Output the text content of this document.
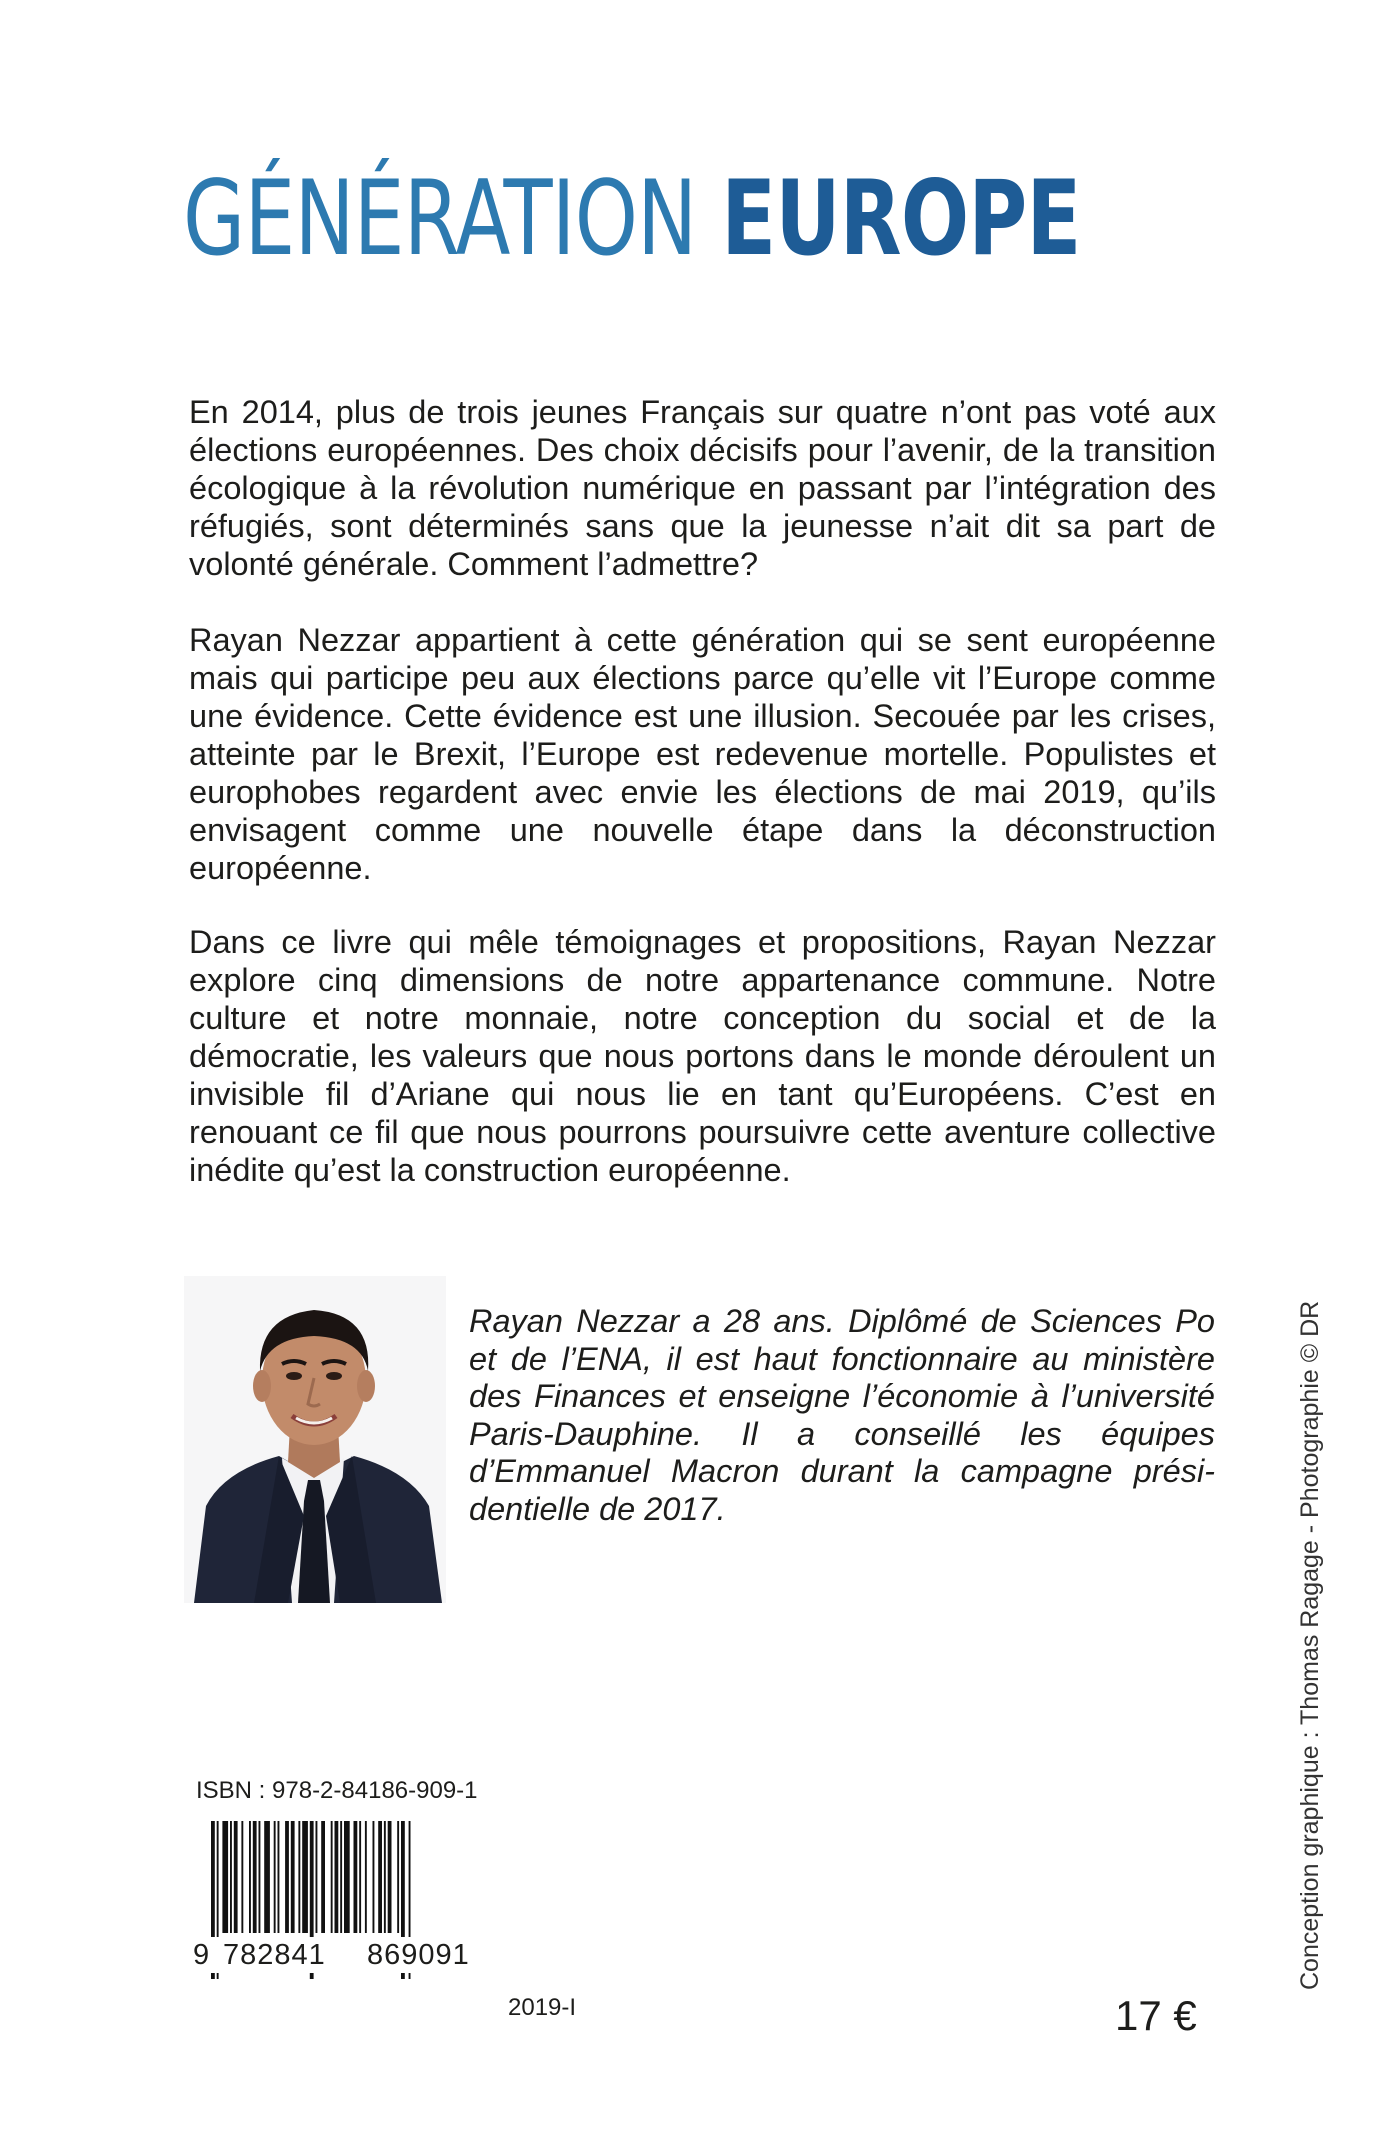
GÉNÉRATION EUROPE

En 2014, plus de trois jeunes Français sur quatre n’ont pas voté aux élections européennes. Des choix décisifs pour l’avenir, de la transition écologique à la révolution numérique en passant par l’intégration des réfugiés, sont déterminés sans que la jeunesse n’ait dit sa part de volonté générale. Comment l’admettre?

Rayan Nezzar appartient à cette génération qui se sent européenne mais qui participe peu aux élections parce qu’elle vit l’Europe comme une évidence. Cette évidence est une illusion. Secouée par les crises, atteinte par le Brexit, l’Europe est redevenue mortelle. Populistes et europhobes regardent avec envie les élections de mai 2019, qu’ils envisagent comme une nouvelle étape dans la déconstruction européenne.

Dans ce livre qui mêle témoignages et propositions, Rayan Nezzar explore cinq dimensions de notre appartenance commune. Notre culture et notre monnaie, notre conception du social et de la démocratie, les valeurs que nous portons dans le monde déroulent un invisible fil d’Ariane qui nous lie en tant qu’Européens. C’est en renouant ce fil que nous pourrons poursuivre cette aventure collective inédite qu’est la construction européenne.

Rayan Nezzar a 28 ans. Diplômé de Sciences Po et de l’ENA, il est haut fonctionnaire au ministère des Finances et enseigne l’économie à l’université Paris-Dauphine. Il a conseillé les équipes d’Emmanuel Macron durant la campagne présidentielle de 2017.

ISBN : 978-2-84186-909-1
9 782841	869091
2019-I	17 €
Conception graphique : Thomas Ragage - Photographie © DR
